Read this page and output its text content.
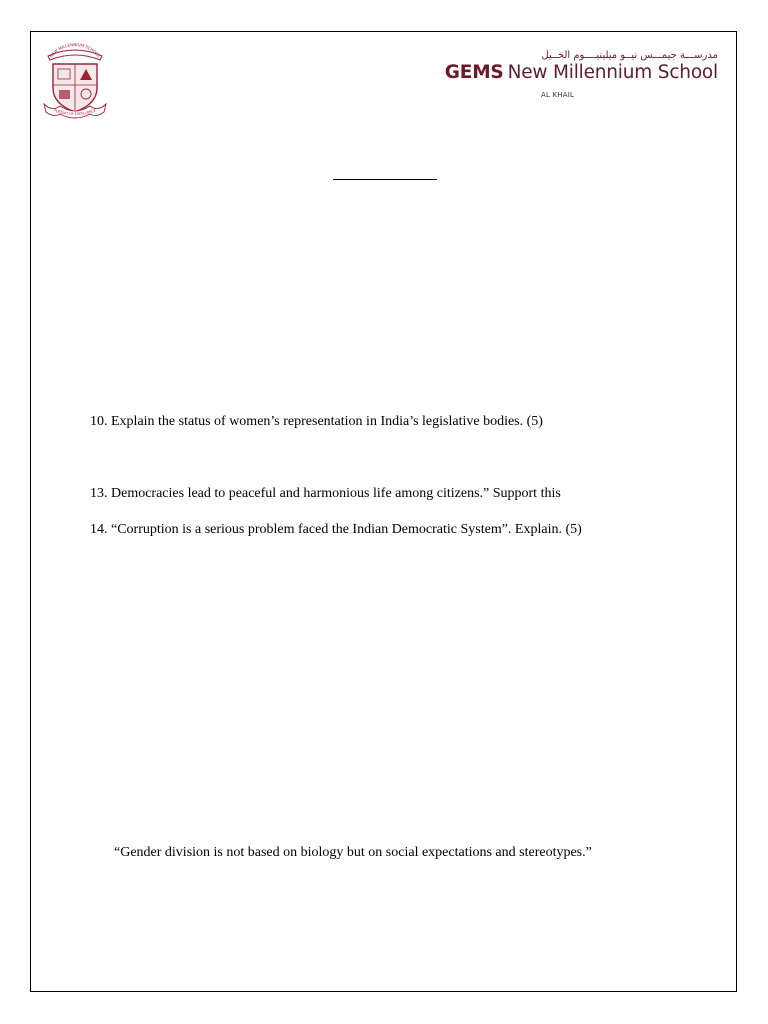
NEW MILLENNIUM SCHOOL
PURSUIT OF EXCELLENCE
مدرســـة جيمـــس نيــو ميلينيــــوم الخــيل
GEMS New Millennium School
AL KHAIL
10. Explain the status of women’s representation in India’s legislative bodies. (5)
13. Democracies lead to peaceful and harmonious life among citizens.” Support this
14. “Corruption is a serious problem faced the Indian Democratic System”. Explain. (5)
“Gender division is not based on biology but on social expectations and stereotypes.”
